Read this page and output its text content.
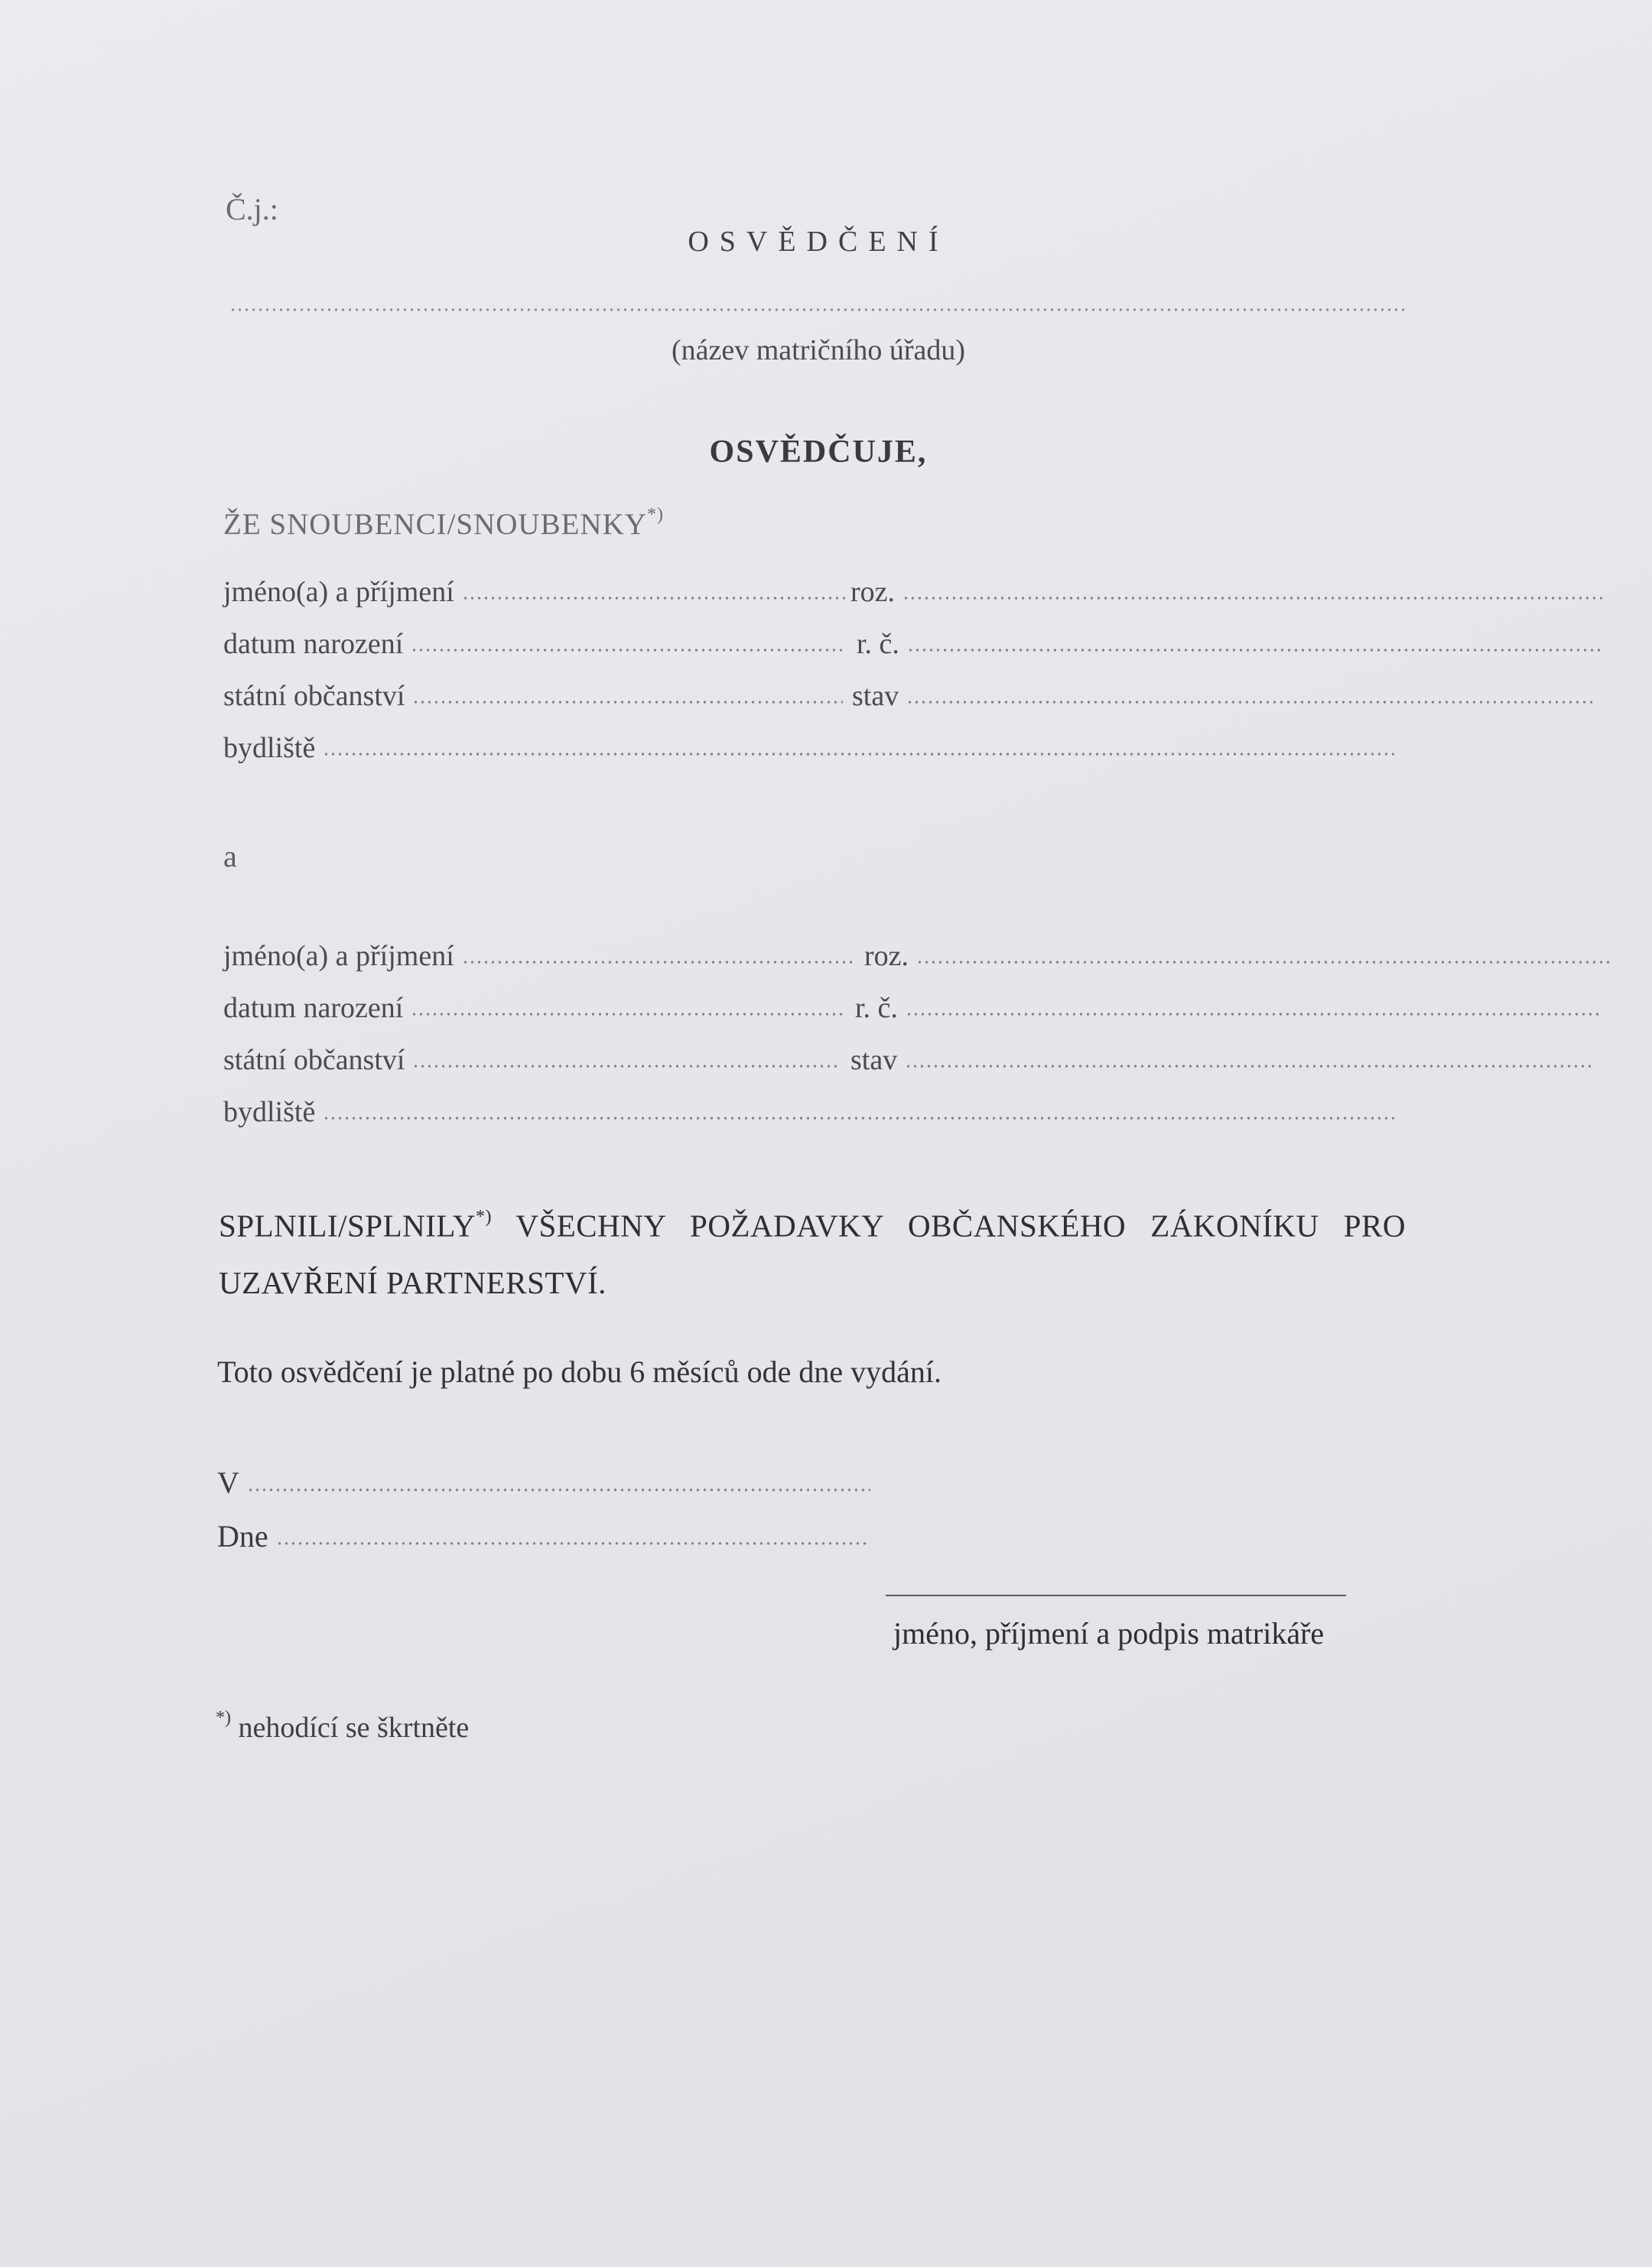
Č.j.:
OSVĚDČENÍ
(název matričního úřadu)
OSVĚDČUJE,
ŽE SNOUBENCI/SNOUBENKY*)
jméno(a) a příjmení	roz.
datum narození	r. č.
státní občanství	stav
bydliště
a
jméno(a) a příjmení	roz.
datum narození	r. č.
státní občanství	stav
bydliště
SPLNILI/SPLNILY*) VŠECHNY POŽADAVKY OBČANSKÉHO ZÁKONÍKU PRO UZAVŘENÍ PARTNERSTVÍ.
Toto osvědčení je platné po dobu 6 měsíců ode dne vydání.
V
Dne
jméno, příjmení a podpis matrikáře
*) nehodící se škrtněte
